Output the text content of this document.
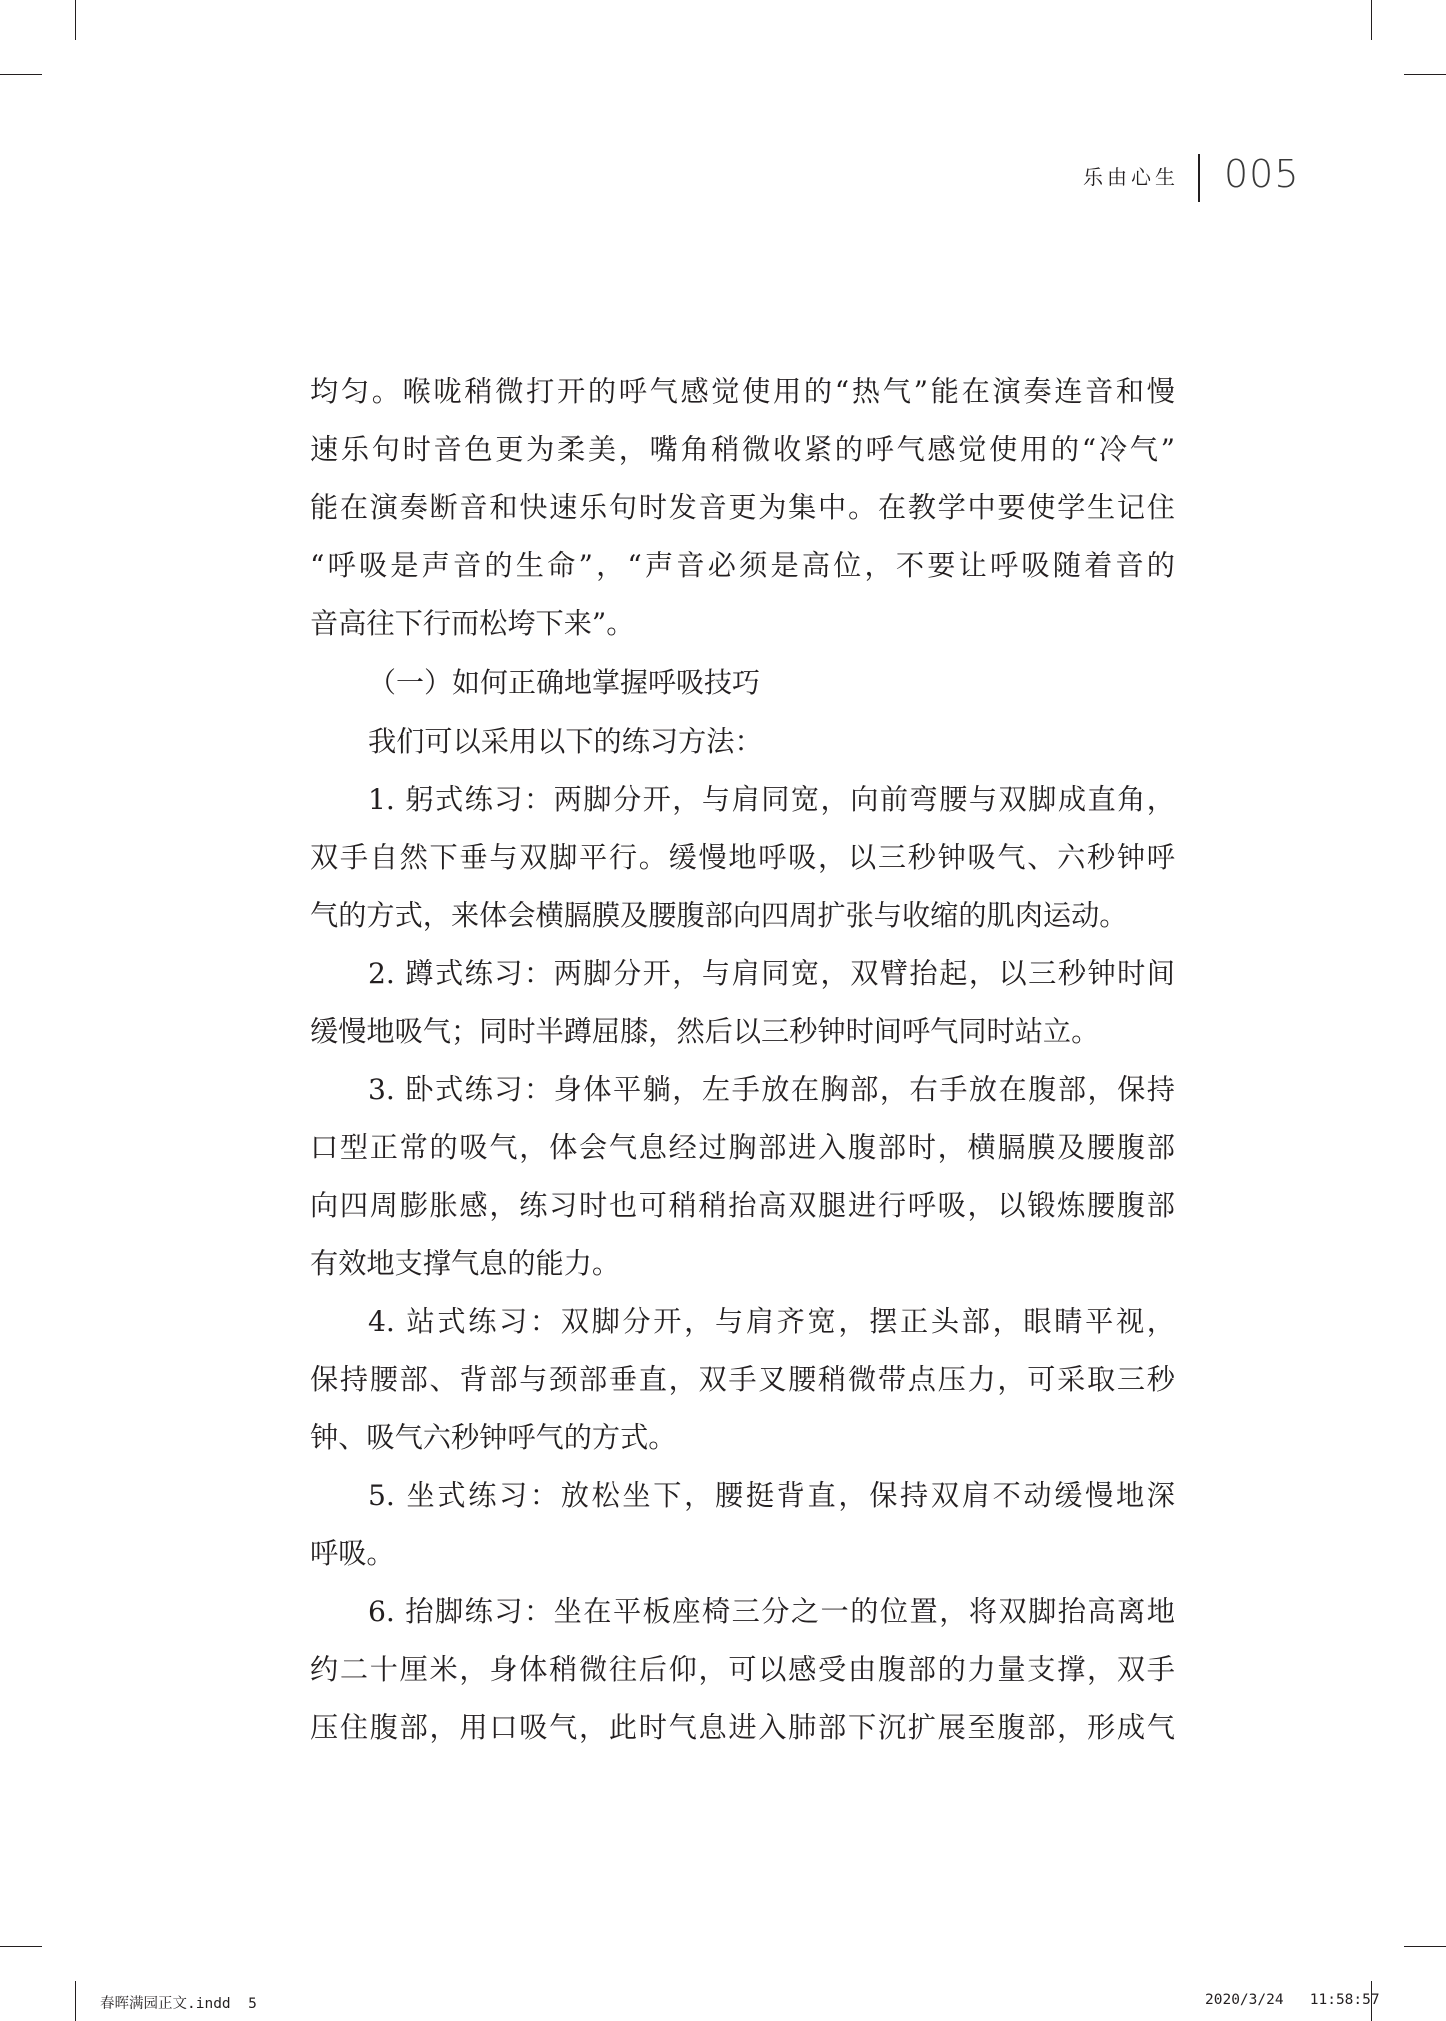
乐由心生 005
均匀。喉咙稍微打开的呼气感觉使用的“热气”能在演奏连音和慢
速乐句时音色更为柔美，嘴角稍微收紧的呼气感觉使用的“冷气”
能在演奏断音和快速乐句时发音更为集中。在教学中要使学生记住
“呼吸是声音的生命”，“声音必须是高位，不要让呼吸随着音的
音高往下行而松垮下来”。
（一）如何正确地掌握呼吸技巧
我们可以采用以下的练习方法：
1. 躬式练习：两脚分开，与肩同宽，向前弯腰与双脚成直角，
双手自然下垂与双脚平行。缓慢地呼吸，以三秒钟吸气、六秒钟呼
气的方式，来体会横膈膜及腰腹部向四周扩张与收缩的肌肉运动。
2. 蹲式练习：两脚分开，与肩同宽，双臂抬起，以三秒钟时间
缓慢地吸气；同时半蹲屈膝，然后以三秒钟时间呼气同时站立。
3. 卧式练习：身体平躺，左手放在胸部，右手放在腹部，保持
口型正常的吸气，体会气息经过胸部进入腹部时，横膈膜及腰腹部
向四周膨胀感，练习时也可稍稍抬高双腿进行呼吸，以锻炼腰腹部
有效地支撑气息的能力。
4. 站式练习：双脚分开，与肩齐宽，摆正头部，眼睛平视，
保持腰部、背部与颈部垂直，双手叉腰稍微带点压力，可采取三秒
钟、吸气六秒钟呼气的方式。
5. 坐式练习：放松坐下，腰挺背直，保持双肩不动缓慢地深
呼吸。
6. 抬脚练习：坐在平板座椅三分之一的位置，将双脚抬高离地
约二十厘米，身体稍微往后仰，可以感受由腹部的力量支撑，双手
压住腹部，用口吸气，此时气息进入肺部下沉扩展至腹部，形成气
春晖满园正文.indd  5	2020/3/24   11:58:57
